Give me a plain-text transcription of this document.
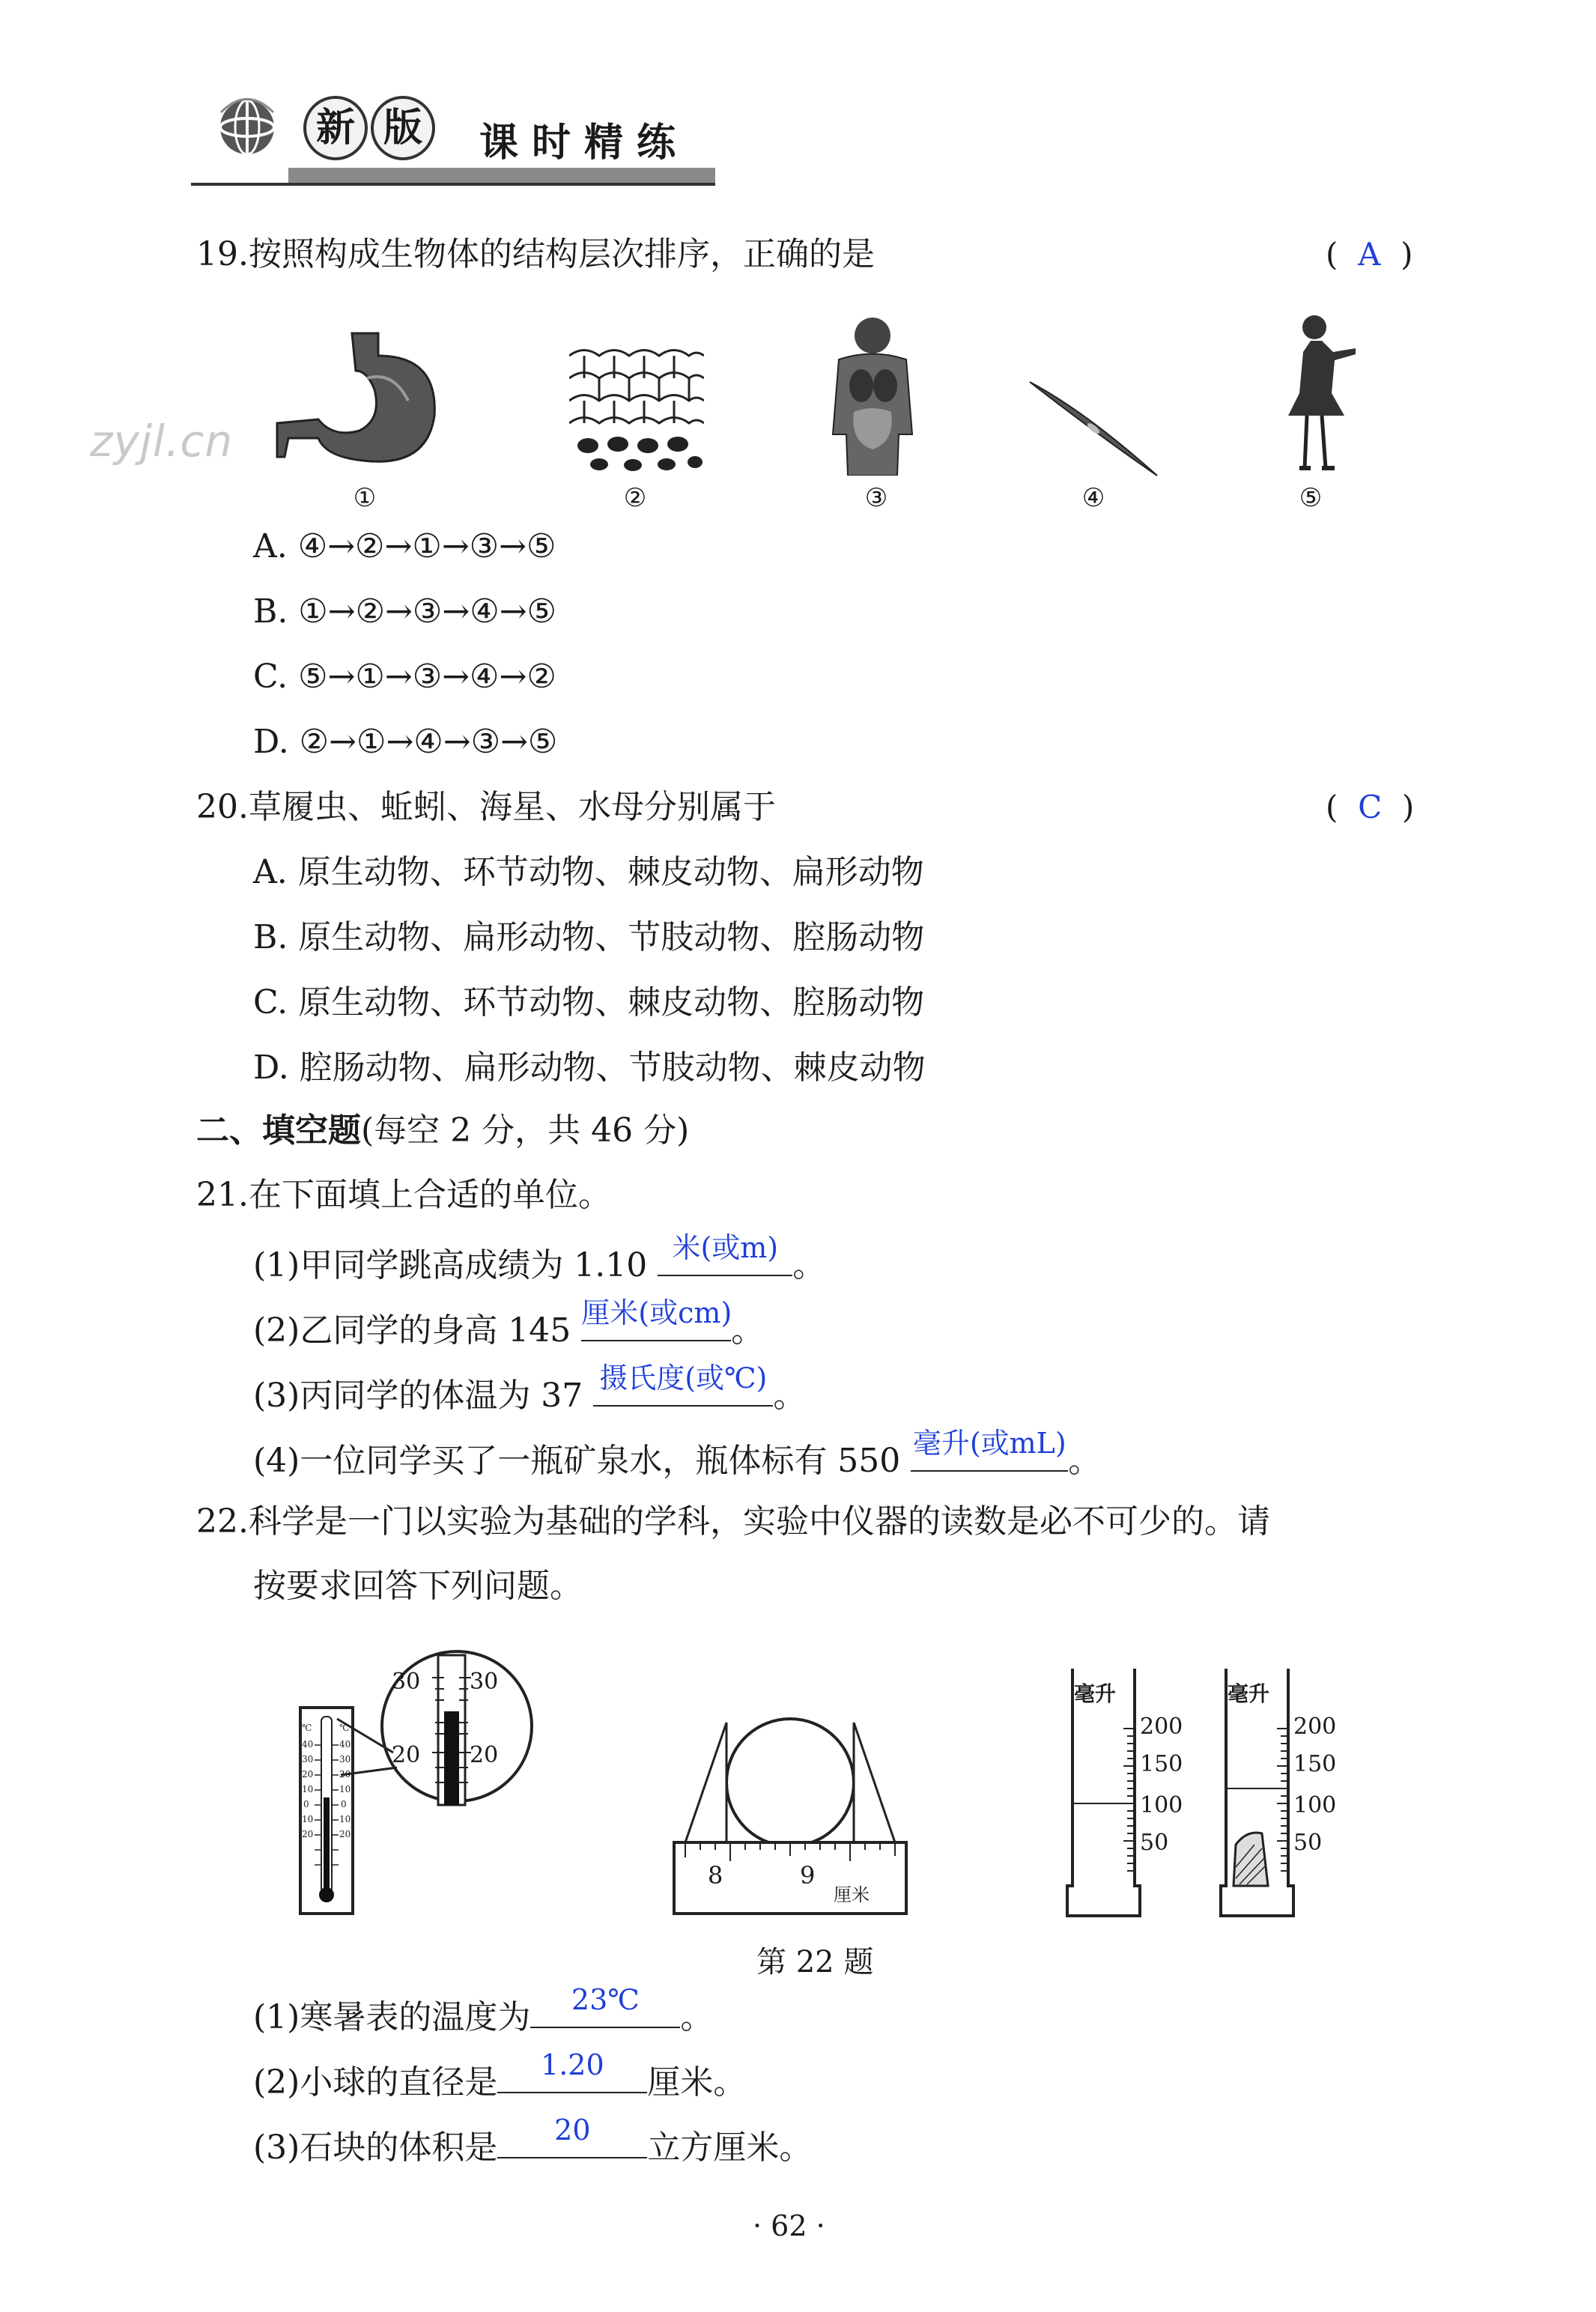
新 版	课时精练
zyjl.cn
19.按照构成生物体的结构层次排序，正确的是	(  A  )
①	②	③	④	⑤
A. ④→②→①→③→⑤
B. ①→②→③→④→⑤
C. ⑤→①→③→④→②
D. ②→①→④→③→⑤
20.草履虫、蚯蚓、海星、水母分别属于	(  C  )
A. 原生动物、环节动物、棘皮动物、扁形动物
B. 原生动物、扁形动物、节肢动物、腔肠动物
C. 原生动物、环节动物、棘皮动物、腔肠动物
D. 腔肠动物、扁形动物、节肢动物、棘皮动物
二、填空题(每空 2 分，共 46 分)
21.在下面填上合适的单位。
(1)甲同学跳高成绩为 1.10 米(或m) 。
(2)乙同学的身高 145 厘米(或cm) 。
(3)丙同学的体温为 37 摄氏度(或℃) 。
(4)一位同学买了一瓶矿泉水，瓶体标有 550 毫升(或mL) 。
22.科学是一门以实验为基础的学科，实验中仪器的读数是必不可少的。请
按要求回答下列问题。
30 30
20 20
℃	℃
40	40
30	30
20	20
10	10
0	0
10	10
20	20
8	9
厘米
毫升
200
150
100
50
毫升
200
150
100
50
第 22 题
(1)寒暑表的温度为	23℃	。
(2)小球的直径是	1.20	厘米。
(3)石块的体积是	20	立方厘米。
· 62 ·
